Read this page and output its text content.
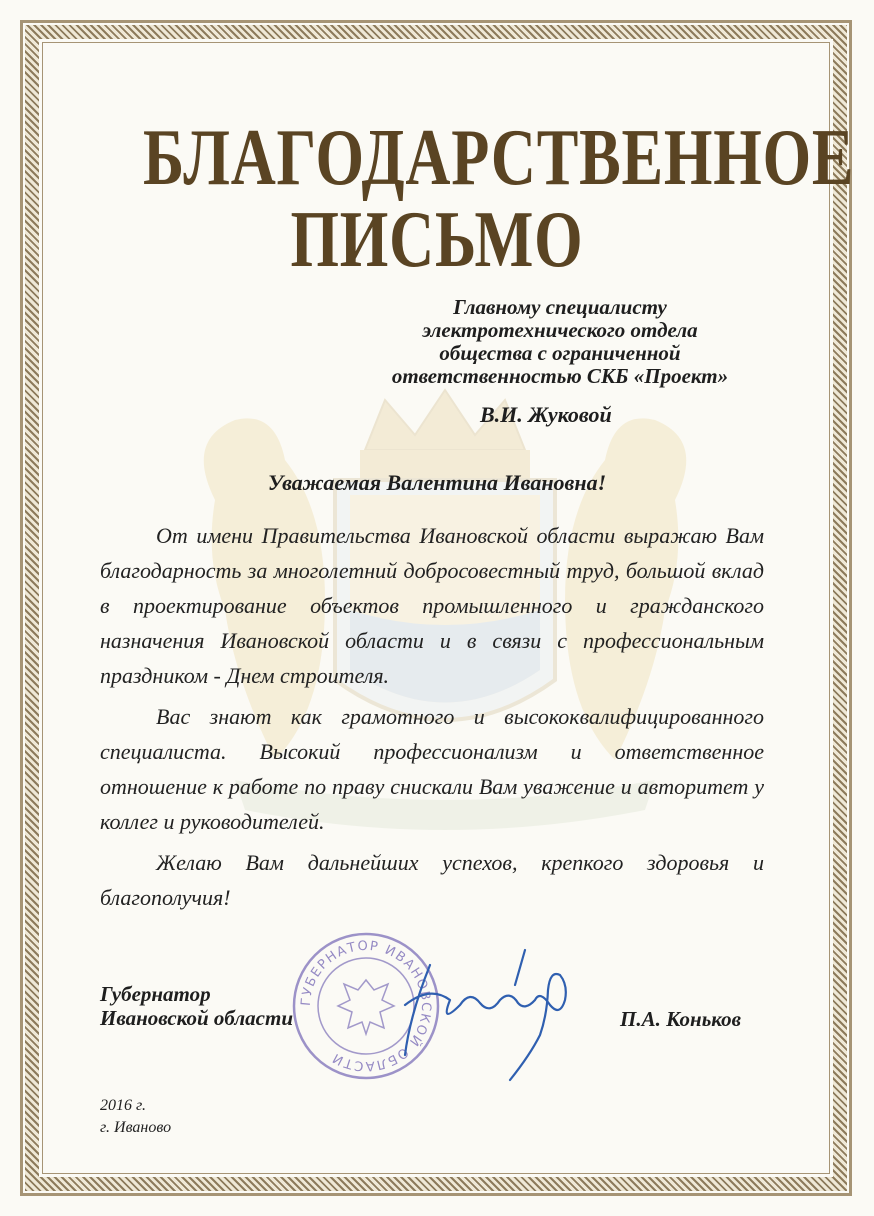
БЛАГОДАРСТВЕННОЕ
ПИСЬМО
Главному специалисту
электротехнического отдела
общества с ограниченной
ответственностью СКБ «Проект»
В.И. Жуковой
Уважаемая Валентина Ивановна!

От имени Правительства Ивановской области выражаю Вам благодарность за многолетний добросовестный труд, большой вклад в проектирование объектов промышленного и гражданского назначения Ивановской области и в связи с профессиональным праздником - Днем строителя.

Вас знают как грамотного и высококвалифицированного специалиста. Высокий профессионализм и ответственное отношение к работе по праву снискали Вам уважение и авторитет у коллег и руководителей.

Желаю Вам дальнейших успехов, крепкого здоровья и благополучия!

ГУБЕРНАТОР ИВАНОВСКОЙ ОБЛАСТИ
Губернатор
Ивановской области	П.А. Коньков
2016 г.
г. Иваново
